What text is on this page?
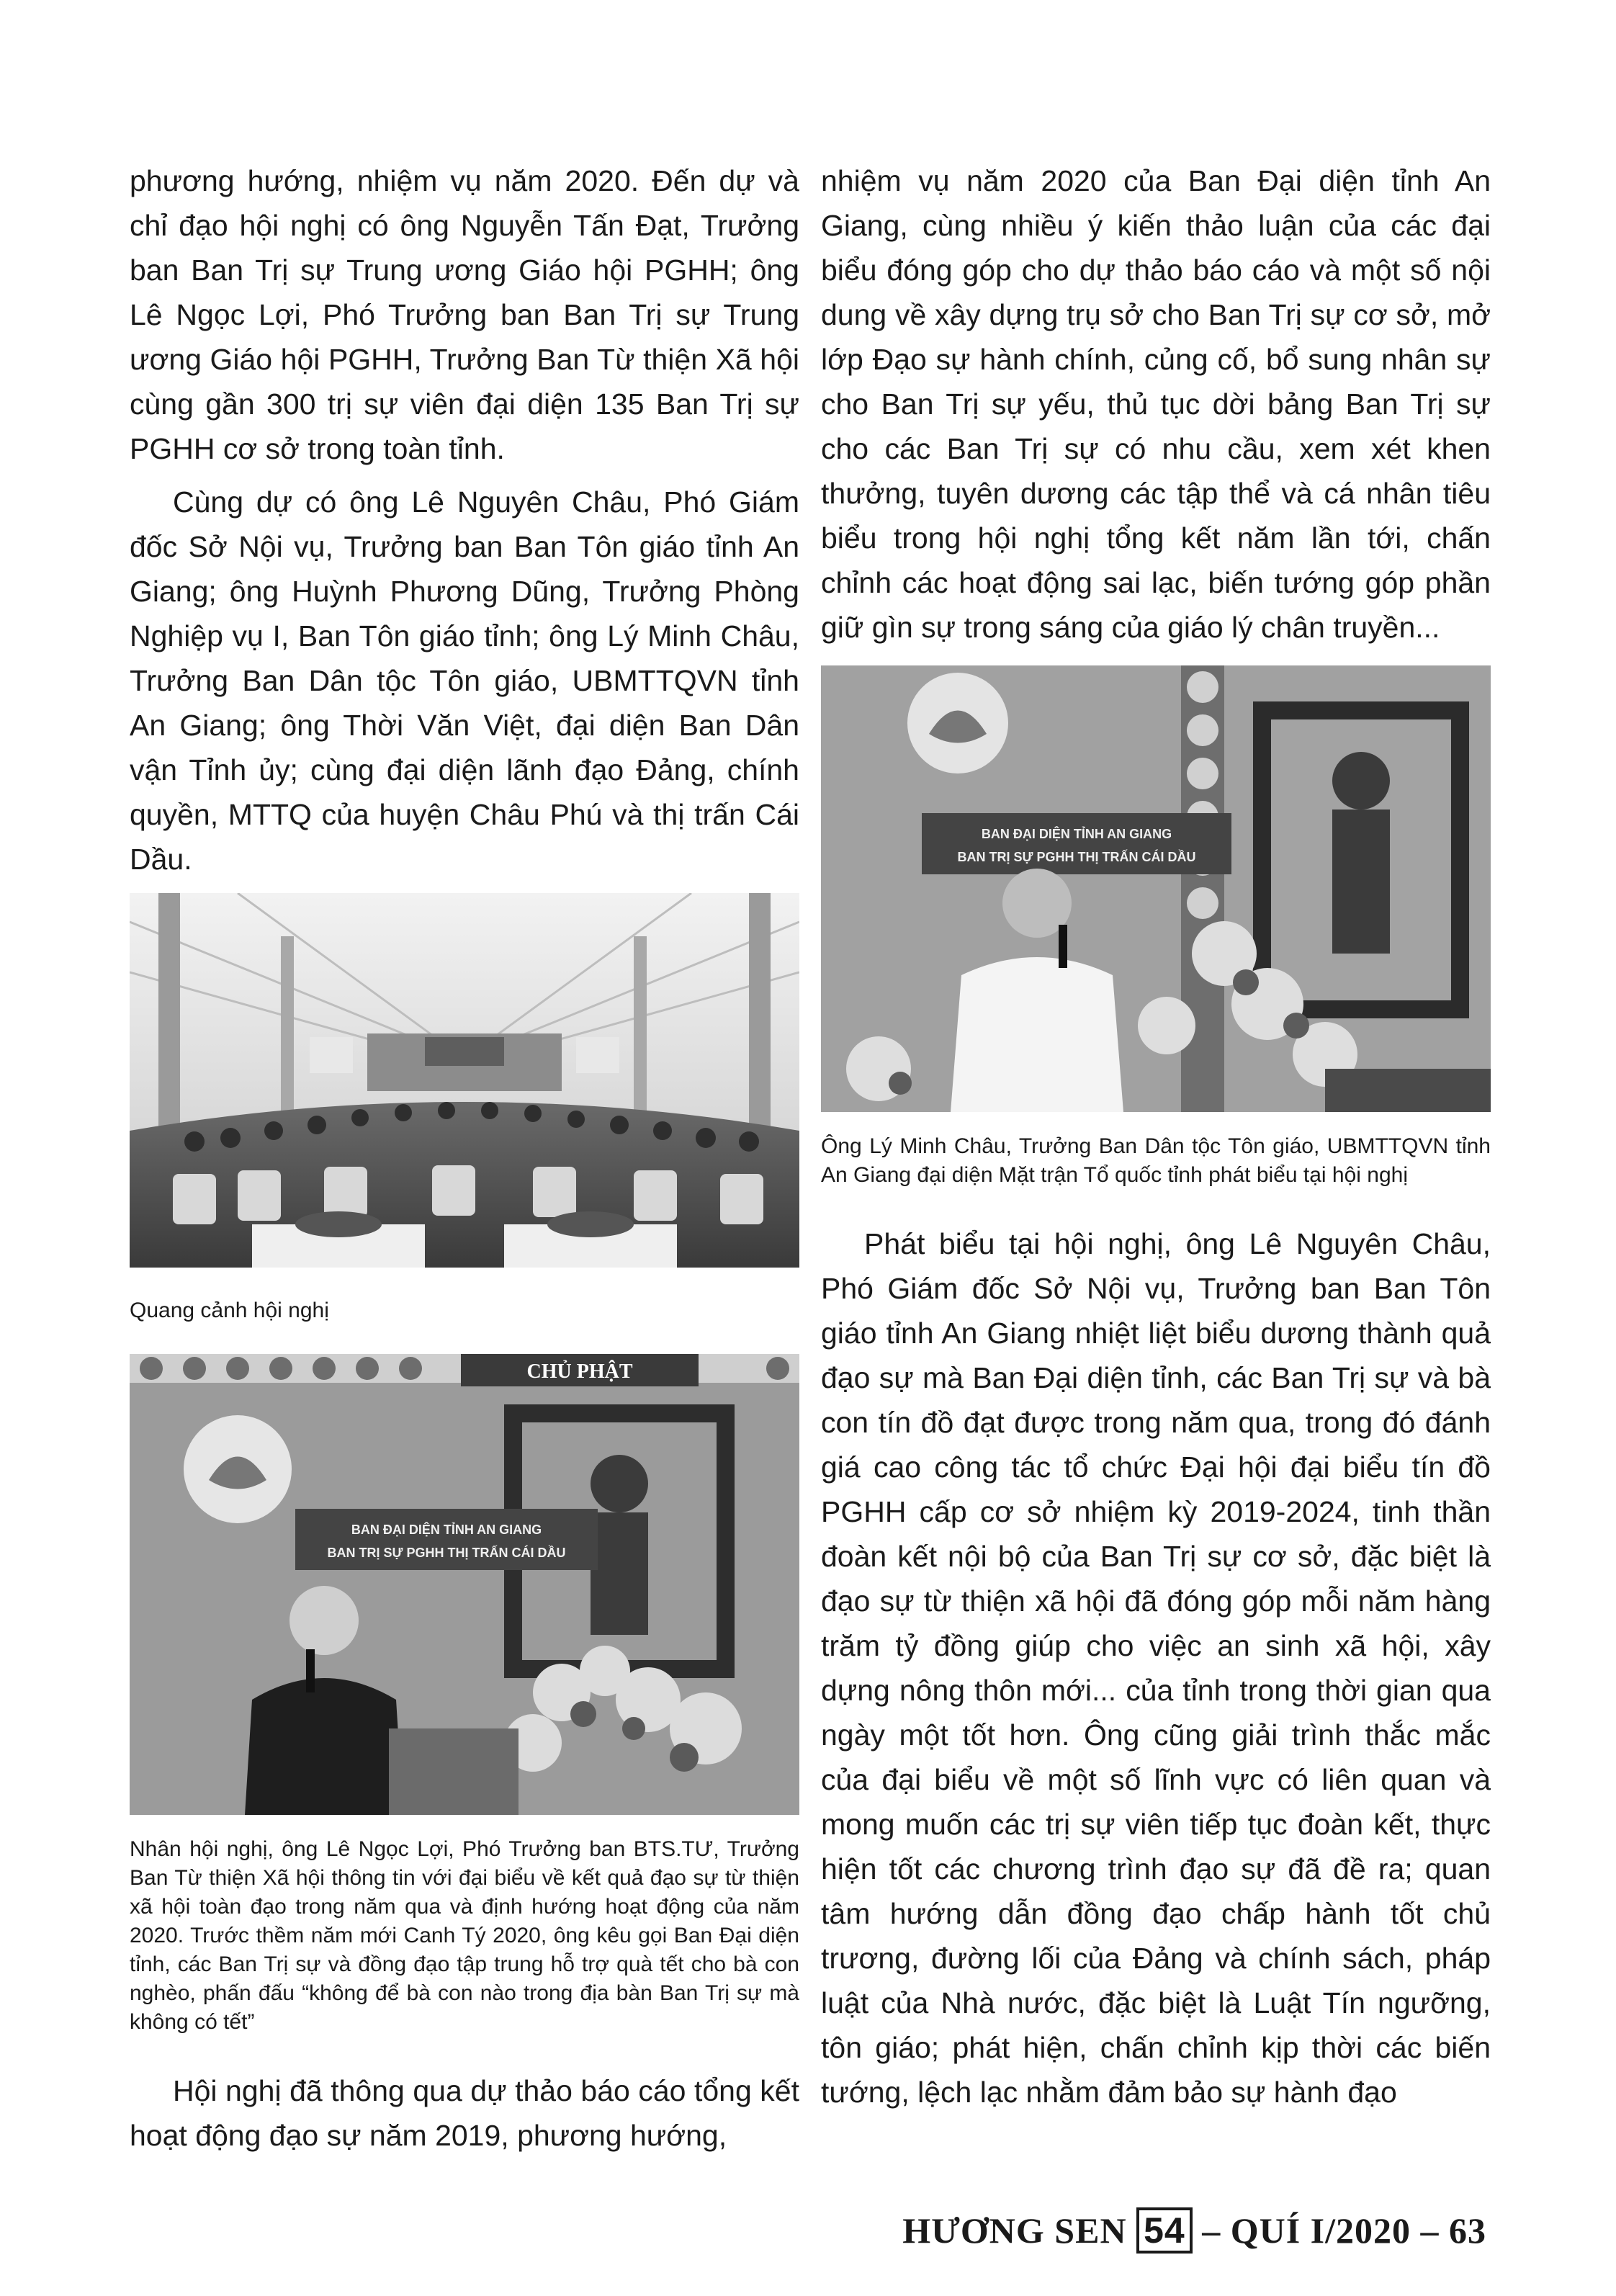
phương hướng, nhiệm vụ năm 2020. Đến dự và chỉ đạo hội nghị có ông Nguyễn Tấn Đạt, Trưởng ban Ban Trị sự Trung ương Giáo hội PGHH; ông Lê Ngọc Lợi, Phó Trưởng ban Ban Trị sự Trung ương Giáo hội PGHH, Trưởng Ban Từ thiện Xã hội cùng gần 300 trị sự viên đại diện 135 Ban Trị sự PGHH cơ sở trong toàn tỉnh.

Cùng dự có ông Lê Nguyên Châu, Phó Giám đốc Sở Nội vụ, Trưởng ban Ban Tôn giáo tỉnh An Giang; ông Huỳnh Phương Dũng, Trưởng Phòng Nghiệp vụ I, Ban Tôn giáo tỉnh; ông Lý Minh Châu, Trưởng Ban Dân tộc Tôn giáo, UBMTTQVN tỉnh An Giang; ông Thời Văn Việt, đại diện Ban Dân vận Tỉnh ủy; cùng đại diện lãnh đạo Đảng, chính quyền, MTTQ của huyện Châu Phú và thị trấn Cái Dầu.

Quang cảnh hội nghị

CHỦ PHẬT
BAN ĐẠI DIỆN TỈNH AN GIANG
BAN TRỊ SỰ PGHH THỊ TRẤN CÁI DẦU

Nhân hội nghị, ông Lê Ngọc Lợi, Phó Trưởng ban BTS.TƯ, Trưởng Ban Từ thiện Xã hội thông tin với đại biểu về kết quả đạo sự từ thiện xã hội toàn đạo trong năm qua và định hướng hoạt động của năm 2020. Trước thềm năm mới Canh Tý 2020, ông kêu gọi Ban Đại diện tỉnh, các Ban Trị sự và đồng đạo tập trung hỗ trợ quà tết cho bà con nghèo, phấn đấu “không để bà con nào trong địa bàn Ban Trị sự mà không có tết”

Hội nghị đã thông qua dự thảo báo cáo tổng kết hoạt động đạo sự năm 2019, phương hướng,

nhiệm vụ năm 2020 của Ban Đại diện tỉnh An Giang, cùng nhiều ý kiến thảo luận của các đại biểu đóng góp cho dự thảo báo cáo và một số nội dung về xây dựng trụ sở cho Ban Trị sự cơ sở, mở lớp Đạo sự hành chính, củng cố, bổ sung nhân sự cho Ban Trị sự yếu, thủ tục dời bảng Ban Trị sự cho các Ban Trị sự có nhu cầu, xem xét khen thưởng, tuyên dương các tập thể và cá nhân tiêu biểu trong hội nghị tổng kết năm lần tới, chấn chỉnh các hoạt động sai lạc, biến tướng góp phần giữ gìn sự trong sáng của giáo lý chân truyền...

BAN ĐẠI DIỆN TỈNH AN GIANG
BAN TRỊ SỰ PGHH THỊ TRẤN CÁI DẦU

Ông Lý Minh Châu, Trưởng Ban Dân tộc Tôn giáo, UBMTTQVN tỉnh An Giang đại diện Mặt trận Tổ quốc tỉnh phát biểu tại hội nghị

Phát biểu tại hội nghị, ông Lê Nguyên Châu, Phó Giám đốc Sở Nội vụ, Trưởng ban Ban Tôn giáo tỉnh An Giang nhiệt liệt biểu dương thành quả đạo sự mà Ban Đại diện tỉnh, các Ban Trị sự và bà con tín đồ đạt được trong năm qua, trong đó đánh giá cao công tác tổ chức Đại hội đại biểu tín đồ PGHH cấp cơ sở nhiệm kỳ 2019-2024, tinh thần đoàn kết nội bộ của Ban Trị sự cơ sở, đặc biệt là đạo sự từ thiện xã hội đã đóng góp mỗi năm hàng trăm tỷ đồng giúp cho việc an sinh xã hội, xây dựng nông thôn mới... của tỉnh trong thời gian qua ngày một tốt hơn. Ông cũng giải trình thắc mắc của đại biểu về một số lĩnh vực có liên quan và mong muốn các trị sự viên tiếp tục đoàn kết, thực hiện tốt các chương trình đạo sự đã đề ra; quan tâm hướng dẫn đồng đạo chấp hành tốt chủ trương, đường lối của Đảng và chính sách, pháp luật của Nhà nước, đặc biệt là Luật Tín ngưỡng, tôn giáo; phát hiện, chấn chỉnh kịp thời các biến tướng, lệch lạc nhằm đảm bảo sự hành đạo

HƯƠNG SEN 54 – QUÍ I/2020 – 63
